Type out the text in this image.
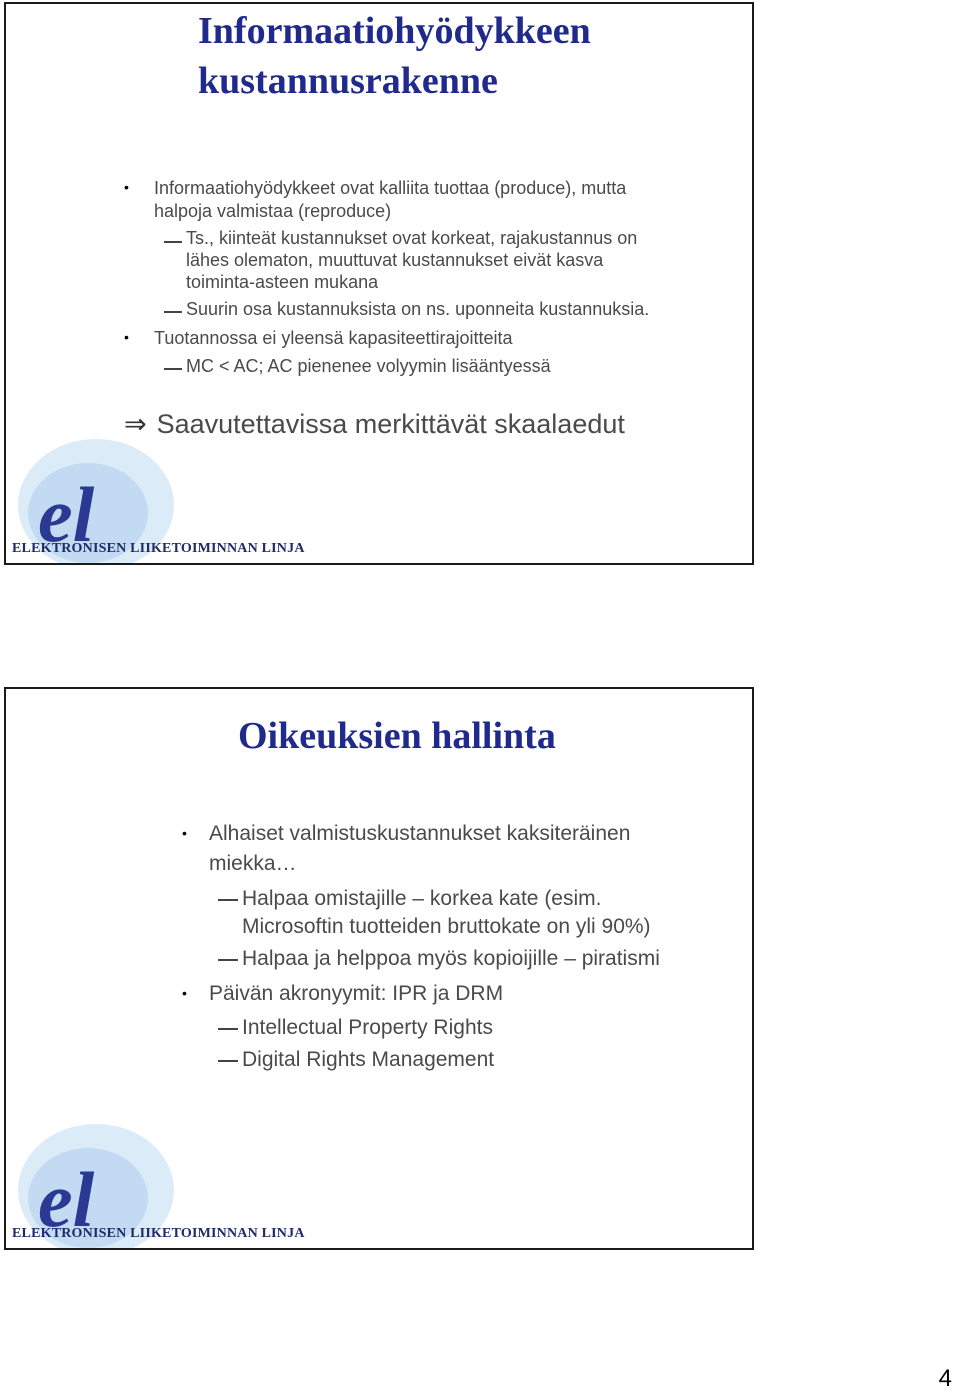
el
ELEKTRONISEN LIIKETOIMINNAN LINJA
Informaatiohyödykkeen
kustannusrakenne
• Informaatiohyödykkeet ovat kalliita tuottaa (produce), mutta
halpoja valmistaa (reproduce)
Ts., kiinteät kustannukset ovat korkeat, rajakustannus on
lähes olematon, muuttuvat kustannukset eivät kasva
toiminta-asteen mukana
Suurin osa kustannuksista on ns. uponneita kustannuksia.
• Tuotannossa ei yleensä kapasiteettirajoitteita
MC < AC; AC pienenee volyymin lisääntyessä
⇒ Saavutettavissa merkittävät skaalaedut
el
ELEKTRONISEN LIIKETOIMINNAN LINJA
Oikeuksien hallinta
• Alhaiset valmistuskustannukset kaksiteräinen
miekka…
Halpaa omistajille – korkea kate (esim.
Microsoftin tuotteiden bruttokate on yli 90%)
Halpaa ja helppoa myös kopioijille – piratismi
• Päivän akronyymit: IPR ja DRM
Intellectual Property Rights
Digital Rights Management
4
